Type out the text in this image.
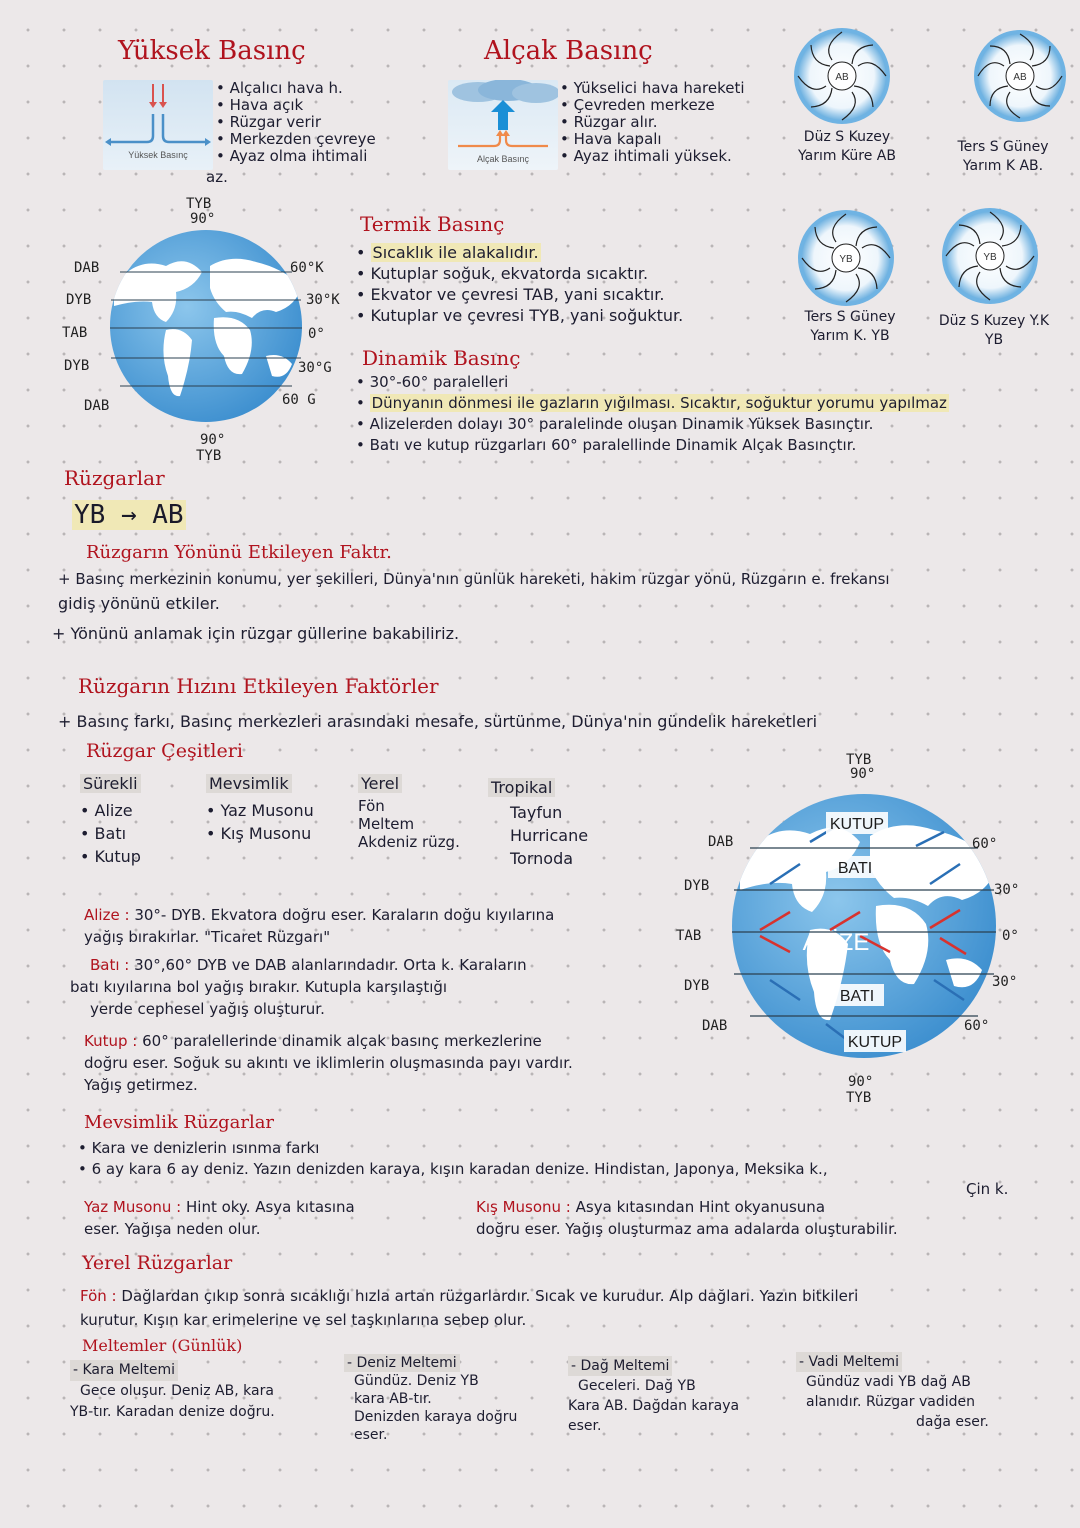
Yüksek Basınç
Yüksek Basınç
• Alçalıcı hava h.
• Hava açık
• Rüzgar verir
• Merkezden çevreye
• Ayaz olma ihtimali
az.
Alçak Basınç
Alçak Basınç
• Yükselici hava hareketi
• Çevreden merkeze
• Rüzgar alır.
• Hava kapalı
• Ayaz ihtimali yüksek.
AB	AB
YB	YB
Düz S Kuzey Yarım Küre AB
Ters S Güney Yarım K AB.
Ters S Güney Yarım K. YB
Düz S Kuzey Y.K YB
TYB
90°
DAB
DYB
TAB
DYB
DAB
60°K
30°K
0°
30°G
60 G
90°
TYB
Termik Basınç
• Sıcaklık ile alakalıdır.
• Kutuplar soğuk, ekvatorda sıcaktır.
• Ekvator ve çevresi TAB, yani sıcaktır.
• Kutuplar ve çevresi TYB, yani soğuktur.
Dinamik Basınç
• 30°-60° paralelleri
• Dünyanın dönmesi ile gazların yığılması. Sıcaktır, soğuktur yorumu yapılmaz
• Alizelerden dolayı 30° paralelinde oluşan Dinamik Yüksek Basınçtır.
• Batı ve kutup rüzgarları 60° paralellinde Dinamik Alçak Basınçtır.
Rüzgarlar
YB → AB
Rüzgarın Yönünü Etkileyen Faktr.
+ Basınç merkezinin konumu, yer şekilleri, Dünya'nın günlük hareketi, hakim rüzgar yönü, Rüzgarın e. frekansı
gidiş yönünü etkiler.
+ Yönünü anlamak için rüzgar güllerine bakabiliriz.
Rüzgarın Hızını Etkileyen Faktörler
+ Basınç farkı, Basınç merkezleri arasındaki mesafe, sürtünme, Dünya'nın gündelik hareketleri
Rüzgar Çeşitleri
Sürekli
• Alize
• Batı
• Kutup
Mevsimlik
• Yaz Musonu
• Kış Musonu
Yerel
Fön
Meltem
Akdeniz rüzg.
Tropikal
Tayfun
Hurricane
Tornoda
Alize : 30°- DYB. Ekvatora doğru eser. Karaların doğu kıyılarına
yağış bırakırlar. "Ticaret Rüzgarı"
Batı : 30°,60° DYB ve DAB alanlarındadır. Orta k. Karaların
batı kıyılarına bol yağış bırakır. Kutupla karşılaştığı
yerde cephesel yağış oluşturur.
Kutup : 60° paralellerinde dinamik alçak basınç merkezlerine
doğru eser. Soğuk su akıntı ve iklimlerin oluşmasında payı vardır.
Yağış getirmez.
TYB
90°
KUTUP
BATI
ALİZE
BATI
KUTUP
DAB
DYB
TAB
DYB
DAB
60°
30°
0°
30°
60°
90°
TYB
Mevsimlik Rüzgarlar
• Kara ve denizlerin ısınma farkı
• 6 ay kara 6 ay deniz. Yazın denizden karaya, kışın karadan denize. Hindistan, Japonya, Meksika k.,
Çin k.
Yaz Musonu : Hint oky. Asya kıtasına
eser. Yağışa neden olur.
Kış Musonu : Asya kıtasından Hint okyanusuna
doğru eser. Yağış oluşturmaz ama adalarda oluşturabilir.
Yerel Rüzgarlar
Fön : Dağlardan çıkıp sonra sıcaklığı hızla artan rüzgarlardır. Sıcak ve kurudur. Alp dağları. Yazın bitkileri
kurutur. Kışın kar erimelerine ve sel taşkınlarına sebep olur.
Meltemler (Günlük)
- Kara Meltemi
Gece oluşur. Deniz AB, kara
YB-tır. Karadan denize doğru.
- Deniz Meltemi
Gündüz. Deniz YB
kara AB-tır.
Denizden karaya doğru
eser.
- Dağ Meltemi
Geceleri. Dağ YB
Kara AB. Dağdan karaya
eser.
- Vadi Meltemi
Gündüz vadi YB dağ AB
alanıdır. Rüzgar vadiden
dağa eser.
